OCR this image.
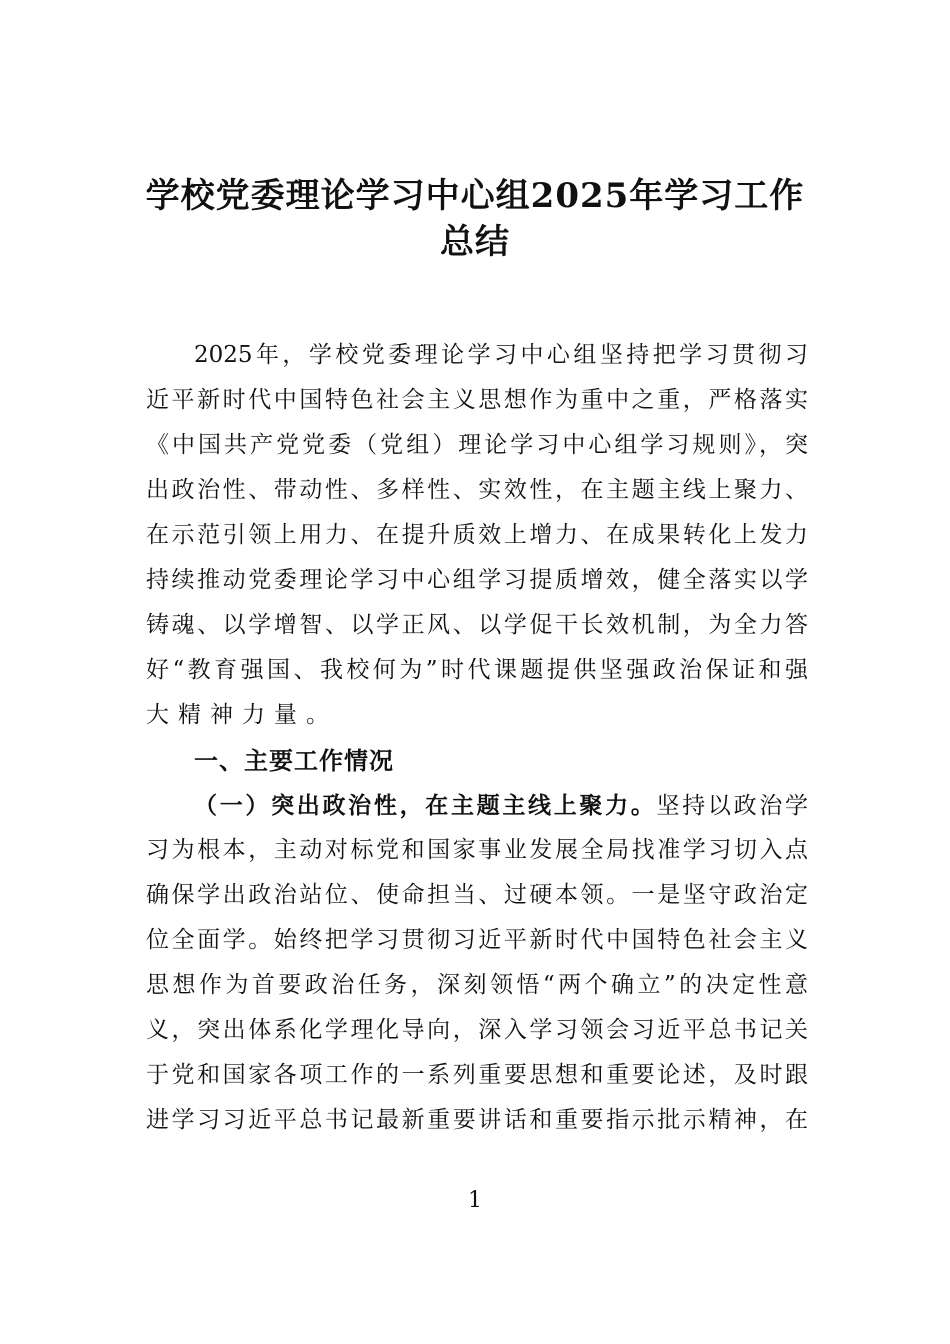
学校党委理论学习中心组2025年学习工作
总结
2025年，学校党委理论学习中心组坚持把学习贯彻习
近平新时代中国特色社会主义思想作为重中之重，严格落实
《中国共产党党委（党组）理论学习中心组学习规则》，突
出政治性、带动性、多样性、实效性，在主题主线上聚力、
在示范引领上用力、在提升质效上增力、在成果转化上发力
持续推动党委理论学习中心组学习提质增效，健全落实以学
铸魂、以学增智、以学正风、以学促干长效机制，为全力答
好“教育强国、我校何为”时代课题提供坚强政治保证和强
大精神力量。
一、主要工作情况
（一）突出政治性，在主题主线上聚力。坚持以政治学
习为根本，主动对标党和国家事业发展全局找准学习切入点
确保学出政治站位、使命担当、过硬本领。一是坚守政治定
位全面学。始终把学习贯彻习近平新时代中国特色社会主义
思想作为首要政治任务，深刻领悟“两个确立”的决定性意
义，突出体系化学理化导向，深入学习领会习近平总书记关
于党和国家各项工作的一系列重要思想和重要论述，及时跟
进学习习近平总书记最新重要讲话和重要指示批示精神，在
1
